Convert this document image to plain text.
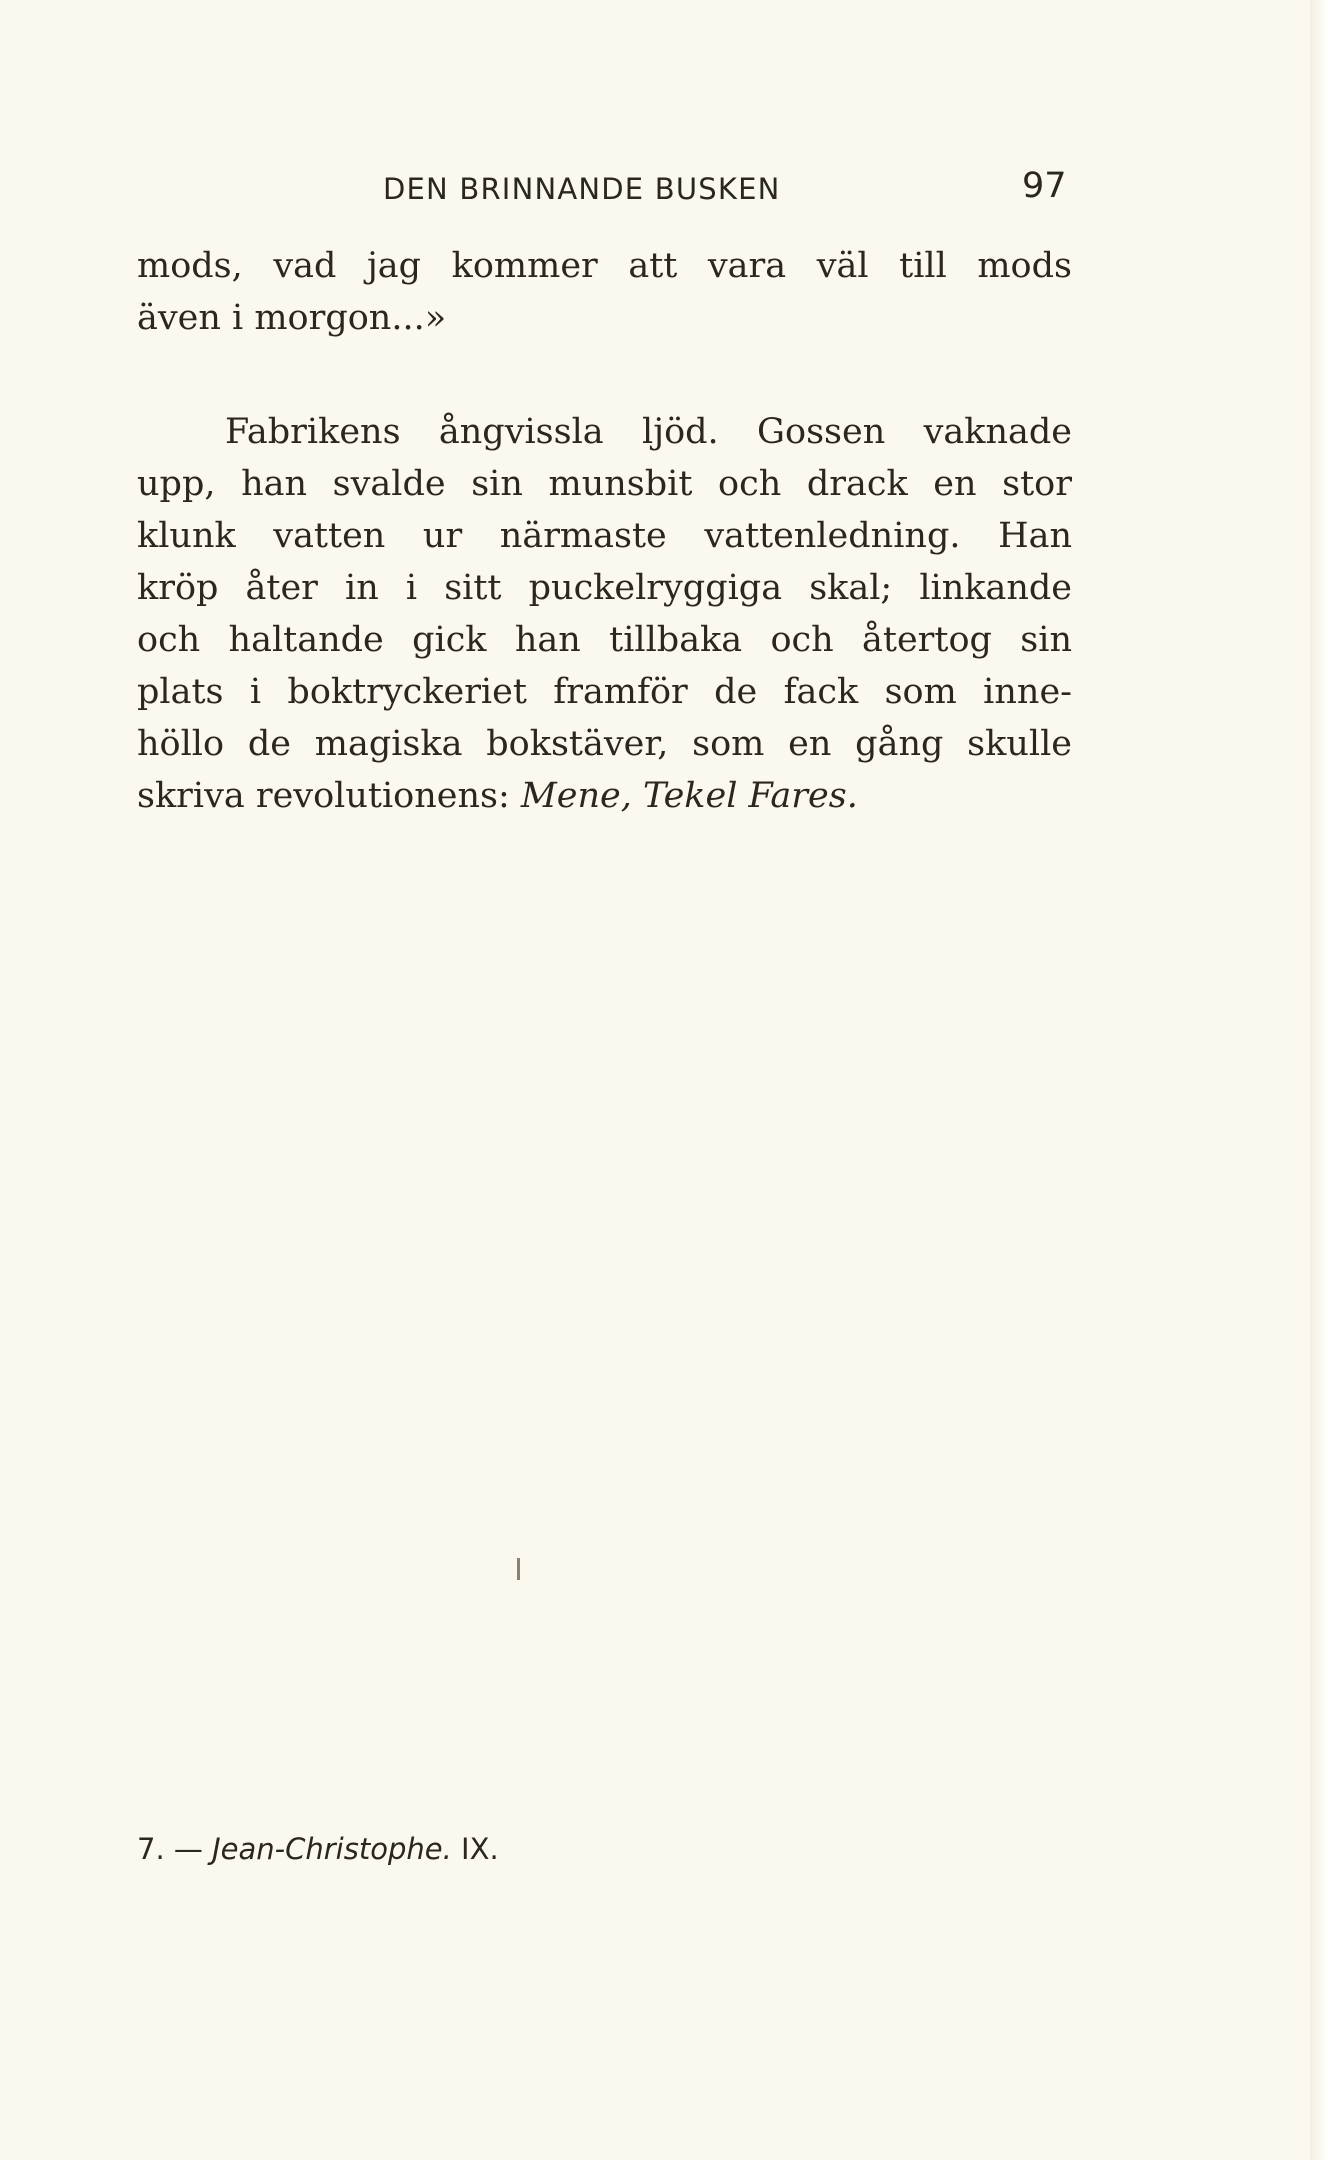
DEN BRINNANDE BUSKEN	97
mods, vad jag kommer att vara väl till mods
även i morgon...»
Fabrikens ångvissla ljöd. Gossen vaknade
upp, han svalde sin munsbit och drack en stor
klunk vatten ur närmaste vattenledning. Han
kröp åter in i sitt puckelryggiga skal; linkande
och haltande gick han tillbaka och återtog sin
plats i boktryckeriet framför de fack som inne-
höllo de magiska bokstäver, som en gång skulle
skriva revolutionens: Mene, Tekel Fares.
7. — Jean-Christophe. IX.
